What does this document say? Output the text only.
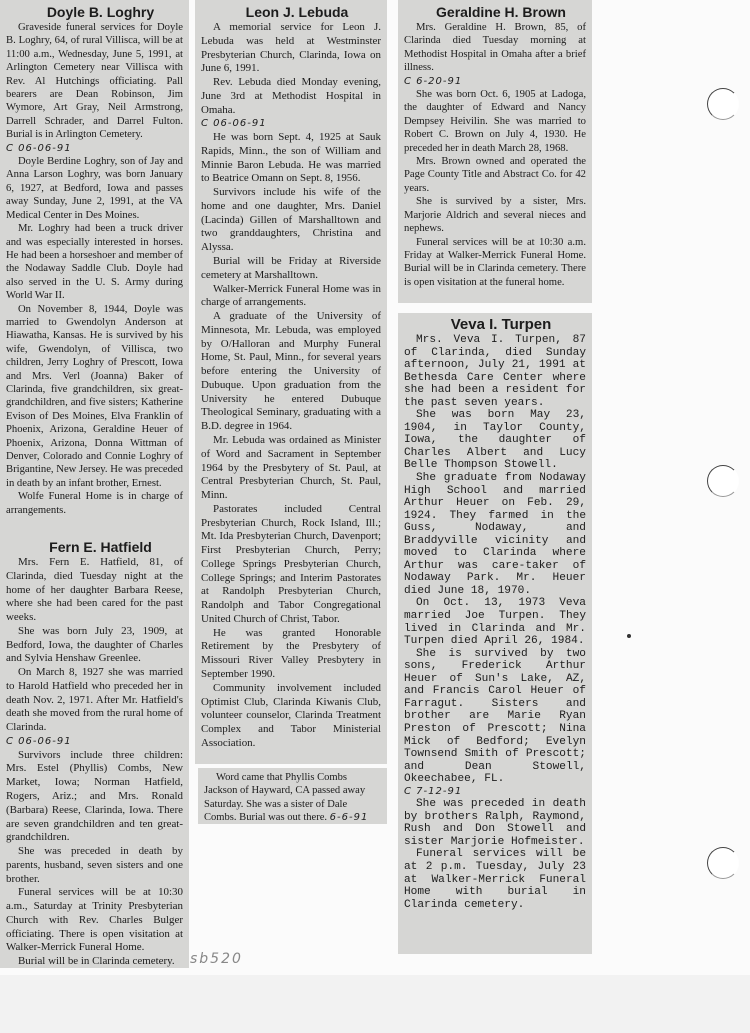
Doyle B. Loghry

Graveside funeral services for Doyle B. Loghry, 64, of rural Villisca, will be at 11:00 a.m., Wednesday, June 5, 1991, at Arlington Cemetery near Villisca with Rev. Al Hutchings officiating. Pall bearers are Dean Robinson, Jim Wymore, Art Gray, Neil Armstrong, Darrell Schrader, and Darrel Fulton. Burial is in Arlington Cemetery.

C 06-06-91

Doyle Berdine Loghry, son of Jay and Anna Larson Loghry, was born January 6, 1927, at Bedford, Iowa and passes away Sunday, June 2, 1991, at the VA Medical Center in Des Moines.

Mr. Loghry had been a truck driver and was especially interested in horses. He had been a horseshoer and member of the Nodaway Saddle Club. Doyle had also served in the U. S. Army during World War II.

On November 8, 1944, Doyle was married to Gwendolyn Anderson at Hiawatha, Kansas. He is survived by his wife, Gwendolyn, of Villisca, two children, Jerry Loghry of Prescott, Iowa and Mrs. Verl (Joanna) Baker of Clarinda, five grandchildren, six great-grandchildren, and five sisters; Katherine Evison of Des Moines, Elva Franklin of Phoenix, Arizona, Geraldine Heuer of Phoenix, Arizona, Donna Wittman of Denver, Colorado and Connie Loghry of Brigantine, New Jersey. He was preceded in death by an infant brother, Ernest.

Wolfe Funeral Home is in charge of arrangements.

Fern E. Hatfield

Mrs. Fern E. Hatfield, 81, of Clarinda, died Tuesday night at the home of her daughter Barbara Reese, where she had been cared for the past weeks.

She was born July 23, 1909, at Bedford, Iowa, the daughter of Charles and Sylvia Henshaw Greenlee.

On March 8, 1927 she was married to Harold Hatfield who preceded her in death Nov. 2, 1971. After Mr. Hatfield's death she moved from the rural home of Clarinda.

C 06-06-91

Survivors include three children: Mrs. Estel (Phyllis) Combs, New Market, Iowa; Norman Hatfield, Rogers, Ariz.; and Mrs. Ronald (Barbara) Reese, Clarinda, Iowa. There are seven grandchildren and ten great-grandchildren.

She was preceded in death by parents, husband, seven sisters and one brother.

Funeral services will be at 10:30 a.m., Saturday at Trinity Presbyterian Church with Rev. Charles Bulger officiating. There is open visitation at Walker-Merrick Funeral Home.

Burial will be in Clarinda cemetery.

Leon J. Lebuda

A memorial service for Leon J. Lebuda was held at Westminster Presbyterian Church, Clarinda, Iowa on June 6, 1991.

Rev. Lebuda died Monday evening, June 3rd at Methodist Hospital in Omaha.

C 06-06-91

He was born Sept. 4, 1925 at Sauk Rapids, Minn., the son of William and Minnie Baron Lebuda. He was married to Beatrice Omann on Sept. 8, 1956.

Survivors include his wife of the home and one daughter, Mrs. Daniel (Lacinda) Gillen of Marshalltown and two granddaughters, Christina and Alyssa.

Burial will be Friday at Riverside cemetery at Marshalltown.

Walker-Merrick Funeral Home was in charge of arrangements.

A graduate of the University of Minnesota, Mr. Lebuda, was employed by O/Halloran and Murphy Funeral Home, St. Paul, Minn., for several years before entering the University of Dubuque. Upon graduation from the University he entered Dubuque Theological Seminary, graduating with a B.D. degree in 1964.

Mr. Lebuda was ordained as Minister of Word and Sacrament in September 1964 by the Presbytery of St. Paul, at Central Presbyterian Church, St. Paul, Minn.

Pastorates included Central Presbyterian Church, Rock Island, Ill.; Mt. Ida Presbyterian Church, Davenport; First Presbyterian Church, Perry; College Springs Presbyterian Church, College Springs; and Interim Pastorates at Randolph Presbyterian Church, Randolph and Tabor Congregational United Church of Christ, Tabor.

He was granted Honorable Retirement by the Presbytery of Missouri River Valley Presbytery in September 1990.

Community involvement included Optimist Club, Clarinda Kiwanis Club, volunteer counselor, Clarinda Treatment Complex and Tabor Ministerial Association.

Word came that Phyllis Combs Jackson of Hayward, CA passed away Saturday. She was a sister of Dale Combs. Burial was out there. 6-6-91

Geraldine H. Brown

Mrs. Geraldine H. Brown, 85, of Clarinda died Tuesday morning at Methodist Hospital in Omaha after a brief illness.

C 6-20-91

She was born Oct. 6, 1905 at Ladoga, the daughter of Edward and Nancy Dempsey Heivilin. She was married to Robert C. Brown on July 4, 1930. He preceded her in death March 28, 1968.

Mrs. Brown owned and operated the Page County Title and Abstract Co. for 42 years.

She is survived by a sister, Mrs. Marjorie Aldrich and several nieces and nephews.

Funeral services will be at 10:30 a.m. Friday at Walker-Merrick Funeral Home. Burial will be in Clarinda cemetery. There is open visitation at the funeral home.

Veva I. Turpen

Mrs. Veva I. Turpen, 87 of Clarinda, died Sunday afternoon, July 21, 1991 at Bethesda Care Center where she had been a resident for the past seven years.

She was born May 23, 1904, in Taylor County, Iowa, the daughter of Charles Albert and Lucy Belle Thompson Stowell.

She graduate from Nodaway High School and married Arthur Heuer on Feb. 29, 1924. They farmed in the Guss, Nodaway, and Braddyville vicinity and moved to Clarinda where Arthur was care-taker of Nodaway Park. Mr. Heuer died June 18, 1970.

On Oct. 13, 1973 Veva married Joe Turpen. They lived in Clarinda and Mr. Turpen died April 26, 1984.

She is survived by two sons, Frederick Arthur Heuer of Sun's Lake, AZ, and Francis Carol Heuer of Farragut. Sisters and brother are Marie Ryan Preston of Prescott; Nina Mick of Bedford; Evelyn Townsend Smith of Prescott; and Dean Stowell, Okeechabee, FL.

C 7-12-91

She was preceded in death by brothers Ralph, Raymond, Rush and Don Stowell and sister Marjorie Hofmeister.

Funeral services will be at 2 p.m. Tuesday, July 23 at Walker-Merrick Funeral Home with burial in Clarinda cemetery.

sb520
